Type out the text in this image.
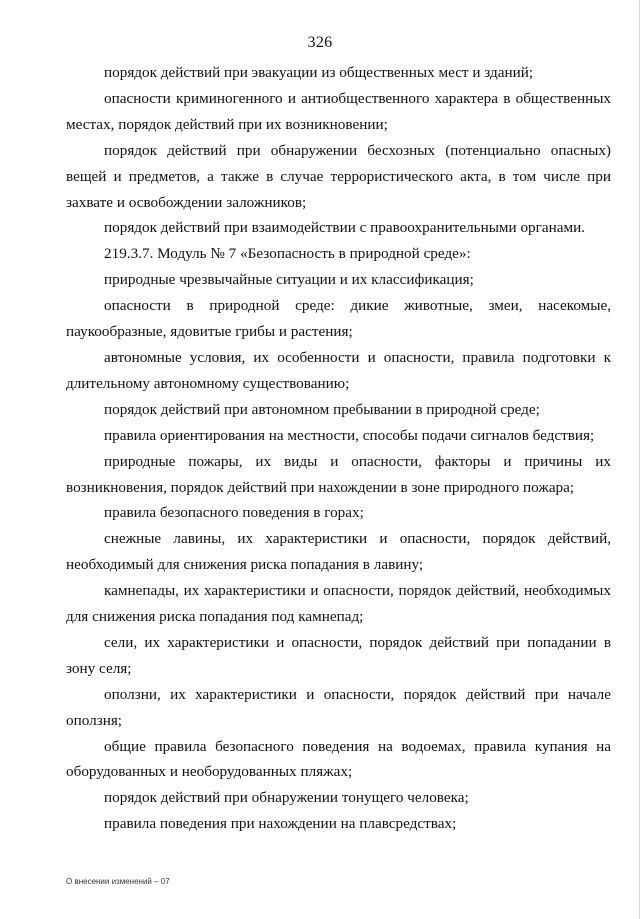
326

порядок действий при эвакуации из общественных мест и зданий;

опасности криминогенного и антиобщественного характера в общественных местах, порядок действий при их возникновении;

порядок действий при обнаружении бесхозных (потенциально опасных) вещей и предметов, а также в случае террористического акта, в том числе при захвате и освобождении заложников;

порядок действий при взаимодействии с правоохранительными органами.

219.3.7. Модуль № 7 «Безопасность в природной среде»:

природные чрезвычайные ситуации и их классификация;

опасности в природной среде: дикие животные, змеи, насекомые, паукообразные, ядовитые грибы и растения;

автономные условия, их особенности и опасности, правила подготовки к длительному автономному существованию;

порядок действий при автономном пребывании в природной среде;

правила ориентирования на местности, способы подачи сигналов бедствия;

природные пожары, их виды и опасности, факторы и причины их возникновения, порядок действий при нахождении в зоне природного пожара;

правила безопасного поведения в горах;

снежные лавины, их характеристики и опасности, порядок действий, необходимый для снижения риска попадания в лавину;

камнепады, их характеристики и опасности, порядок действий, необходимых для снижения риска попадания под камнепад;

сели, их характеристики и опасности, порядок действий при попадании в зону селя;

оползни, их характеристики и опасности, порядок действий при начале оползня;

общие правила безопасного поведения на водоемах, правила купания на оборудованных и необорудованных пляжах;

порядок действий при обнаружении тонущего человека;

правила поведения при нахождении на плавсредствах;

О внесении изменений – 07
